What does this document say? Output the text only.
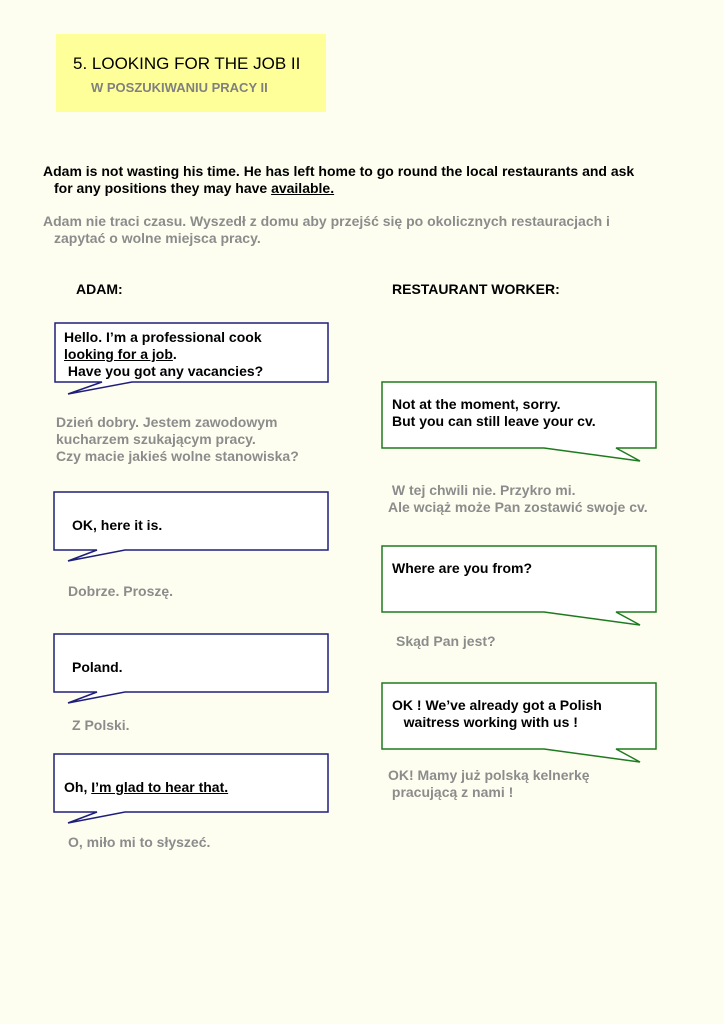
5. LOOKING FOR THE JOB II
W POSZUKIWANIU PRACY II
Adam is not wasting his time. He has left home to go round the local restaurants and ask
for any positions they may have available.
Adam nie traci czasu. Wyszedł z domu aby przejść się po okolicznych restauracjach i
zapytać o wolne miejsca pracy.
ADAM:	RESTAURANT WORKER:
Hello. I’m a professional cook
looking for a job.
Have you got any vacancies?
Dzień dobry. Jestem zawodowym
kucharzem szukającym pracy.
Czy macie jakieś wolne stanowiska?
OK, here it is.
Dobrze. Proszę.
Poland.
Z Polski.
Oh, I’m glad to hear that.
O, miło mi to słyszeć.
Not at the moment, sorry.
But you can still leave your cv.
W tej chwili nie. Przykro mi.
Ale wciąż może Pan zostawić swoje cv.
Where are you from?
Skąd Pan jest?
OK ! We’ve already got a Polish
waitress working with us !
OK! Mamy już polską kelnerkę
pracującą z nami !
